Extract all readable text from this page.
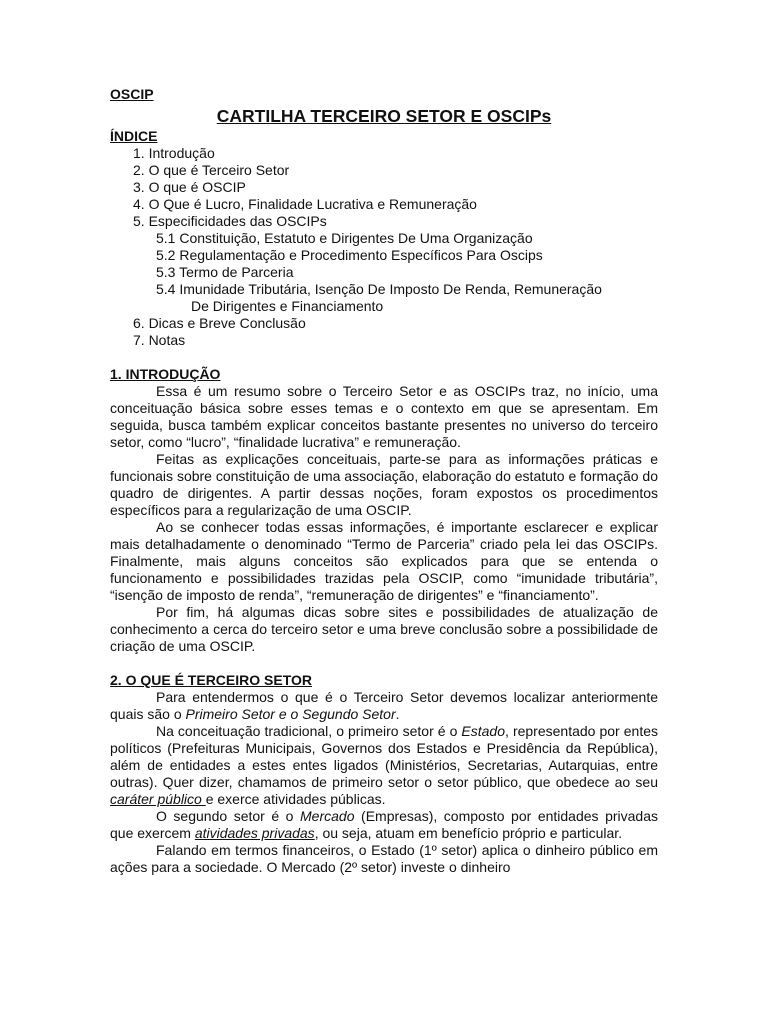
OSCIP
CARTILHA TERCEIRO SETOR E OSCIPs
ÍNDICE
1. Introdução
2. O que é Terceiro Setor
3. O que é OSCIP
4. O Que é Lucro, Finalidade Lucrativa e Remuneração
5. Especificidades das OSCIPs
5.1 Constituição, Estatuto e Dirigentes De Uma Organização
5.2 Regulamentação e Procedimento Específicos Para Oscips
5.3 Termo de Parceria
5.4 Imunidade Tributária, Isenção De Imposto De Renda, Remuneração
De Dirigentes e Financiamento
6. Dicas e Breve Conclusão
7. Notas
1. INTRODUÇÃO

Essa é um resumo sobre o Terceiro Setor e as OSCIPs traz, no início, uma conceituação básica sobre esses temas e o contexto em que se apresentam. Em seguida, busca também explicar conceitos bastante presentes no universo do terceiro setor, como “lucro”, “finalidade lucrativa” e remuneração.

Feitas as explicações conceituais, parte-se para as informações práticas e funcionais sobre constituição de uma associação, elaboração do estatuto e formação do quadro de dirigentes. A partir dessas noções, foram expostos os procedimentos específicos para a regularização de uma OSCIP.

Ao se conhecer todas essas informações, é importante esclarecer e explicar mais detalhadamente o denominado “Termo de Parceria” criado pela lei das OSCIPs. Finalmente, mais alguns conceitos são explicados para que se entenda o funcionamento e possibilidades trazidas pela OSCIP, como “imunidade tributária”, “isenção de imposto de renda”, “remuneração de dirigentes” e “financiamento”.

Por fim, há algumas dicas sobre sites e possibilidades de atualização de conhecimento a cerca do terceiro setor e uma breve conclusão sobre a possibilidade de criação de uma OSCIP.

2. O QUE É TERCEIRO SETOR

Para entendermos o que é o Terceiro Setor devemos localizar anteriormente quais são o Primeiro Setor e o Segundo Setor.

Na conceituação tradicional, o primeiro setor é o Estado, representado por entes políticos (Prefeituras Municipais, Governos dos Estados e Presidência da República), além de entidades a estes entes ligados (Ministérios, Secretarias, Autarquias, entre outras). Quer dizer, chamamos de primeiro setor o setor público, que obedece ao seu caráter público e exerce atividades públicas.

O segundo setor é o Mercado (Empresas), composto por entidades privadas que exercem atividades privadas, ou seja, atuam em benefício próprio e particular.

Falando em termos financeiros, o Estado (1º setor) aplica o dinheiro público em ações para a sociedade. O Mercado (2º setor) investe o dinheiro
